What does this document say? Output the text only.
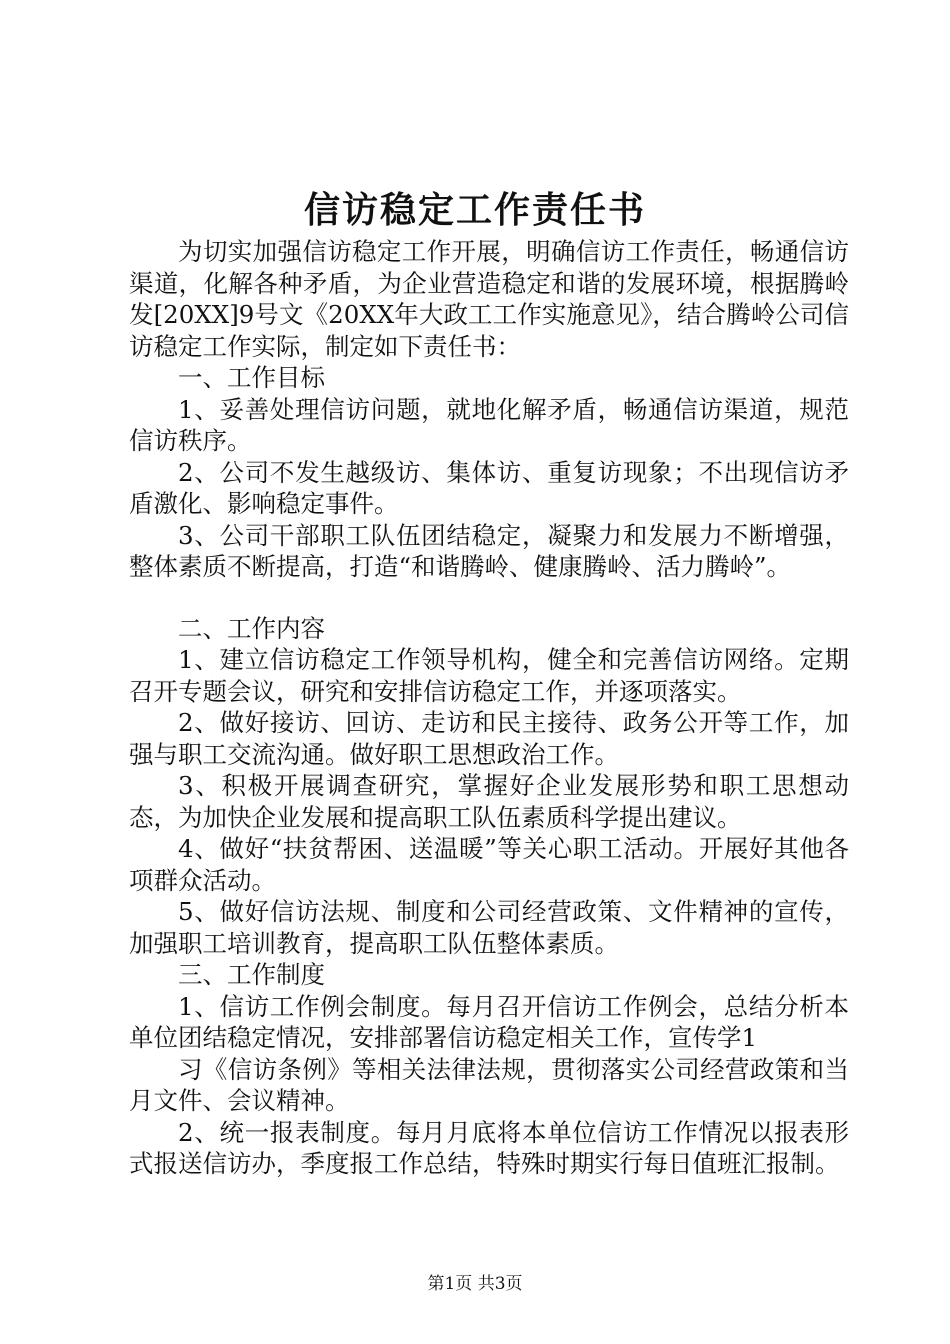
信访稳定工作责任书

为切实加强信访稳定工作开展，明确信访工作责任，畅通信访渠道，化解各种矛盾，为企业营造稳定和谐的发展环境，根据腾岭发[20XX]9号文《20XX年大政工工作实施意见》，结合腾岭公司信访稳定工作实际，制定如下责任书：

一、工作目标

1、妥善处理信访问题，就地化解矛盾，畅通信访渠道，规范信访秩序。

2、公司不发生越级访、集体访、重复访现象；不出现信访矛盾激化、影响稳定事件。

3、公司干部职工队伍团结稳定，凝聚力和发展力不断增强，整体素质不断提高，打造“和谐腾岭、健康腾岭、活力腾岭”。

二、工作内容

1、建立信访稳定工作领导机构，健全和完善信访网络。定期召开专题会议，研究和安排信访稳定工作，并逐项落实。

2、做好接访、回访、走访和民主接待、政务公开等工作，加强与职工交流沟通。做好职工思想政治工作。

3、积极开展调查研究，掌握好企业发展形势和职工思想动态，为加快企业发展和提高职工队伍素质科学提出建议。

4、做好“扶贫帮困、送温暖”等关心职工活动。开展好其他各项群众活动。

5、做好信访法规、制度和公司经营政策、文件精神的宣传，加强职工培训教育，提高职工队伍整体素质。

三、工作制度

1、信访工作例会制度。每月召开信访工作例会，总结分析本单位团结稳定情况，安排部署信访稳定相关工作，宣传学1

习《信访条例》等相关法律法规，贯彻落实公司经营政策和当月文件、会议精神。

2、统一报表制度。每月月底将本单位信访工作情况以报表形式报送信访办，季度报工作总结，特殊时期实行每日值班汇报制。

第1页 共3页
